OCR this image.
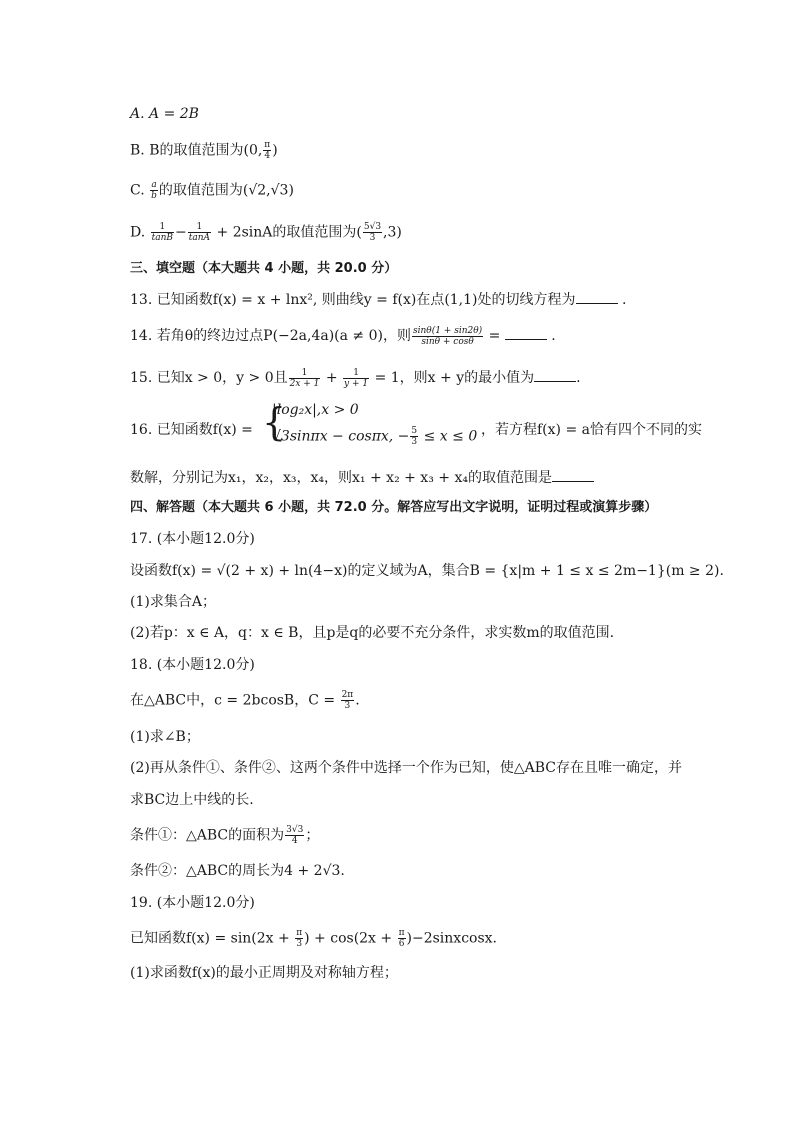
A. A = 2B
B. B的取值范围为(0, $\frac{\pi}{4}$ )
C. $\frac{a}{b}$ 的取值范围为(√2,√3)
D. $\frac{1}{\tan B} - \frac{1}{\tan A} + 2\sin A$的取值范围为( $\frac{5√3}{3} ,3$)
三、填空题（本大题共 4 小题，共 20.0 分）
13. 已知函数f(x) = x + lnx², 则曲线y = f(x)在点(1,1)处的切线方程为	.
14. 若角θ的终边过点P(−2a,4a)(a ≠ 0)，则 $\frac{\sin\theta(1 + \sin 2\theta)}{\sin\theta + \cos\theta}$ =	.
15. 已知x > 0，y > 0且 $\frac{1}{2x + 1} + \frac{1}{y + 1} = 1$，则x + y的最小值为	.
16. 已知函数f(x) = {
|log₂x|,x > 0
√3sinπx − cosπx, − $\frac{5}{3} \le x \le 0$ ，若方程f(x) = a恰有四个不同的实
数解，分别记为x₁，x₂，x₃，x₄，则x₁ + x₂ + x₃ + x₄的取值范围是
四、解答题（本大题共 6 小题，共 72.0 分。解答应写出文字说明，证明过程或演算步骤）
17. (本小题12.0分)
设函数f(x) = √(2 + x) + ln(4−x)的定义域为A，集合B = {x|m + 1 ≤ x ≤ 2m−1}(m ≥ 2).
(1)求集合A；
(2)若p：x ∈ A，q：x ∈ B，且p是q的必要不充分条件，求实数m的取值范围.
18. (本小题12.0分)
在△ABC中，c = 2bcosB，$C = \frac{2\pi}{3}$ .
(1)求∠B；
(2)再从条件①、条件②、这两个条件中选择一个作为已知，使△ABC存在且唯一确定，并
求BC边上中线的长.
条件①：△ABC的面积为 $\frac{3√3}{4}$ ；
条件②：△ABC的周长为4 + 2√3.
19. (本小题12.0分)
已知函数$f(x) = \sin(2x + \frac{\pi}{3}$ ) + $\cos(2x + \frac{\pi}{6}$ )−2sinxcosx.
(1)求函数f(x)的最小正周期及对称轴方程；
